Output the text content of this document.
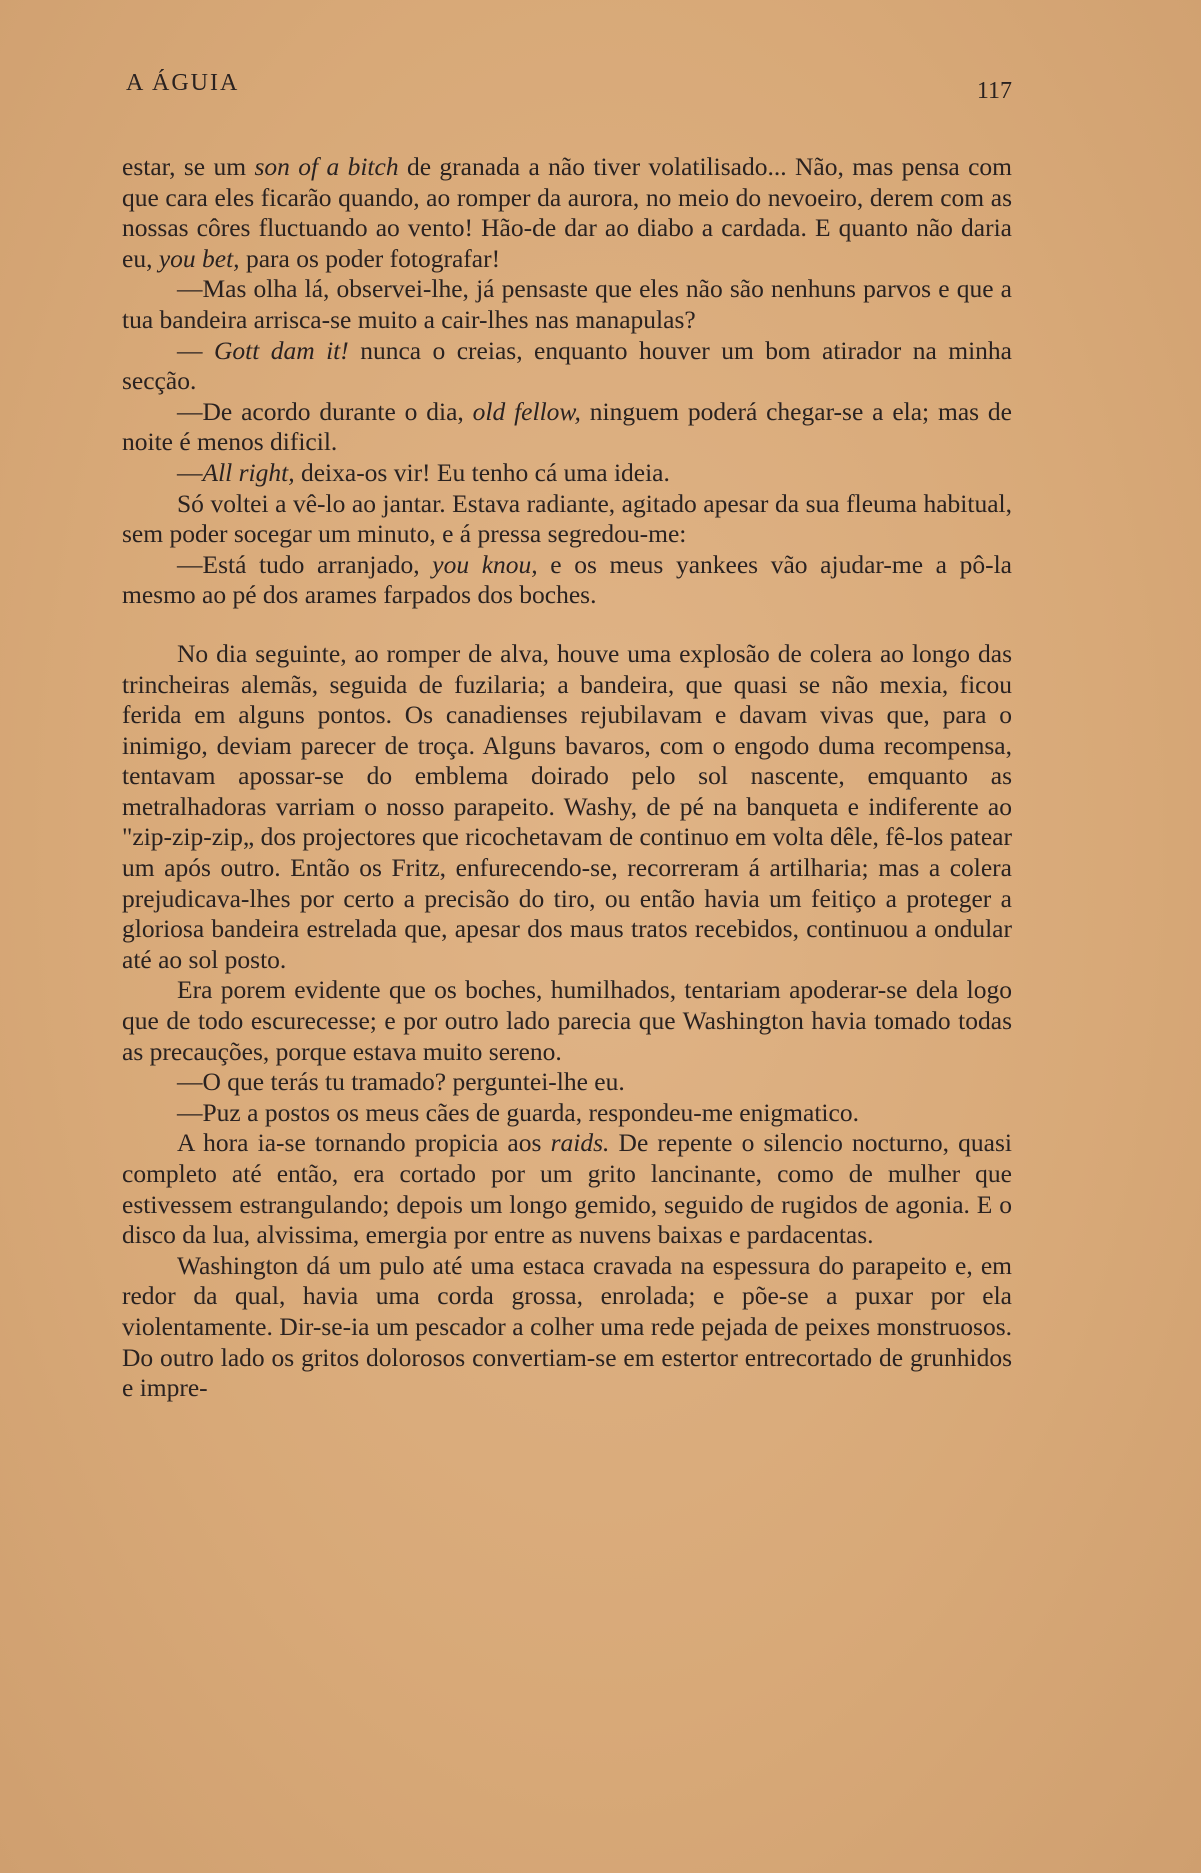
A ÁGUIA	117

estar, se um son of a bitch de granada a não tiver volatilisado... Não, mas pensa com que cara eles ficarão quando, ao romper da aurora, no meio do nevoeiro, derem com as nossas côres fluctuando ao vento! Hão-de dar ao diabo a cardada. E quanto não daria eu, you bet, para os poder fotografar!

—Mas olha lá, observei-lhe, já pensaste que eles não são nenhuns parvos e que a tua bandeira arrisca-se muito a cair-lhes nas manapulas?

— Gott dam it! nunca o creias, enquanto houver um bom atirador na minha secção.

—De acordo durante o dia, old fellow, ninguem poderá chegar-se a ela; mas de noite é menos dificil.

—All right, deixa-os vir! Eu tenho cá uma ideia.

Só voltei a vê-lo ao jantar. Estava radiante, agitado apesar da sua fleuma habitual, sem poder socegar um minuto, e á pressa segredou-me:

—Está tudo arranjado, you knou, e os meus yankees vão ajudar-me a pô-la mesmo ao pé dos arames farpados dos boches.

No dia seguinte, ao romper de alva, houve uma explosão de colera ao longo das trincheiras alemãs, seguida de fuzilaria; a bandeira, que quasi se não mexia, ficou ferida em alguns pontos. Os canadienses rejubilavam e davam vivas que, para o inimigo, deviam parecer de troça. Alguns bavaros, com o engodo duma recompensa, tentavam apossar-se do emblema doirado pelo sol nascente, emquanto as metralhadoras varriam o nosso parapeito. Washy, de pé na banqueta e indiferente ao "zip-zip-zip„ dos projectores que ricochetavam de continuo em volta dêle, fê-los patear um após outro. Então os Fritz, enfurecendo-se, recorreram á artilharia; mas a colera prejudicava-lhes por certo a precisão do tiro, ou então havia um feitiço a proteger a gloriosa bandeira estrelada que, apesar dos maus tratos recebidos, continuou a ondular até ao sol posto.

Era porem evidente que os boches, humilhados, tentariam apoderar-se dela logo que de todo escurecesse; e por outro lado parecia que Washington havia tomado todas as precauções, porque estava muito sereno.

—O que terás tu tramado? perguntei-lhe eu.

—Puz a postos os meus cães de guarda, respondeu-me enigmatico.

A hora ia-se tornando propicia aos raids. De repente o silencio nocturno, quasi completo até então, era cortado por um grito lancinante, como de mulher que estivessem estrangulando; depois um longo gemido, seguido de rugidos de agonia. E o disco da lua, alvissima, emergia por entre as nuvens baixas e pardacentas.

Washington dá um pulo até uma estaca cravada na espessura do parapeito e, em redor da qual, havia uma corda grossa, enrolada; e põe-se a puxar por ela violentamente. Dir-se-ia um pescador a colher uma rede pejada de peixes monstruosos. Do outro lado os gritos dolorosos convertiam-se em estertor entrecortado de grunhidos e impre-
